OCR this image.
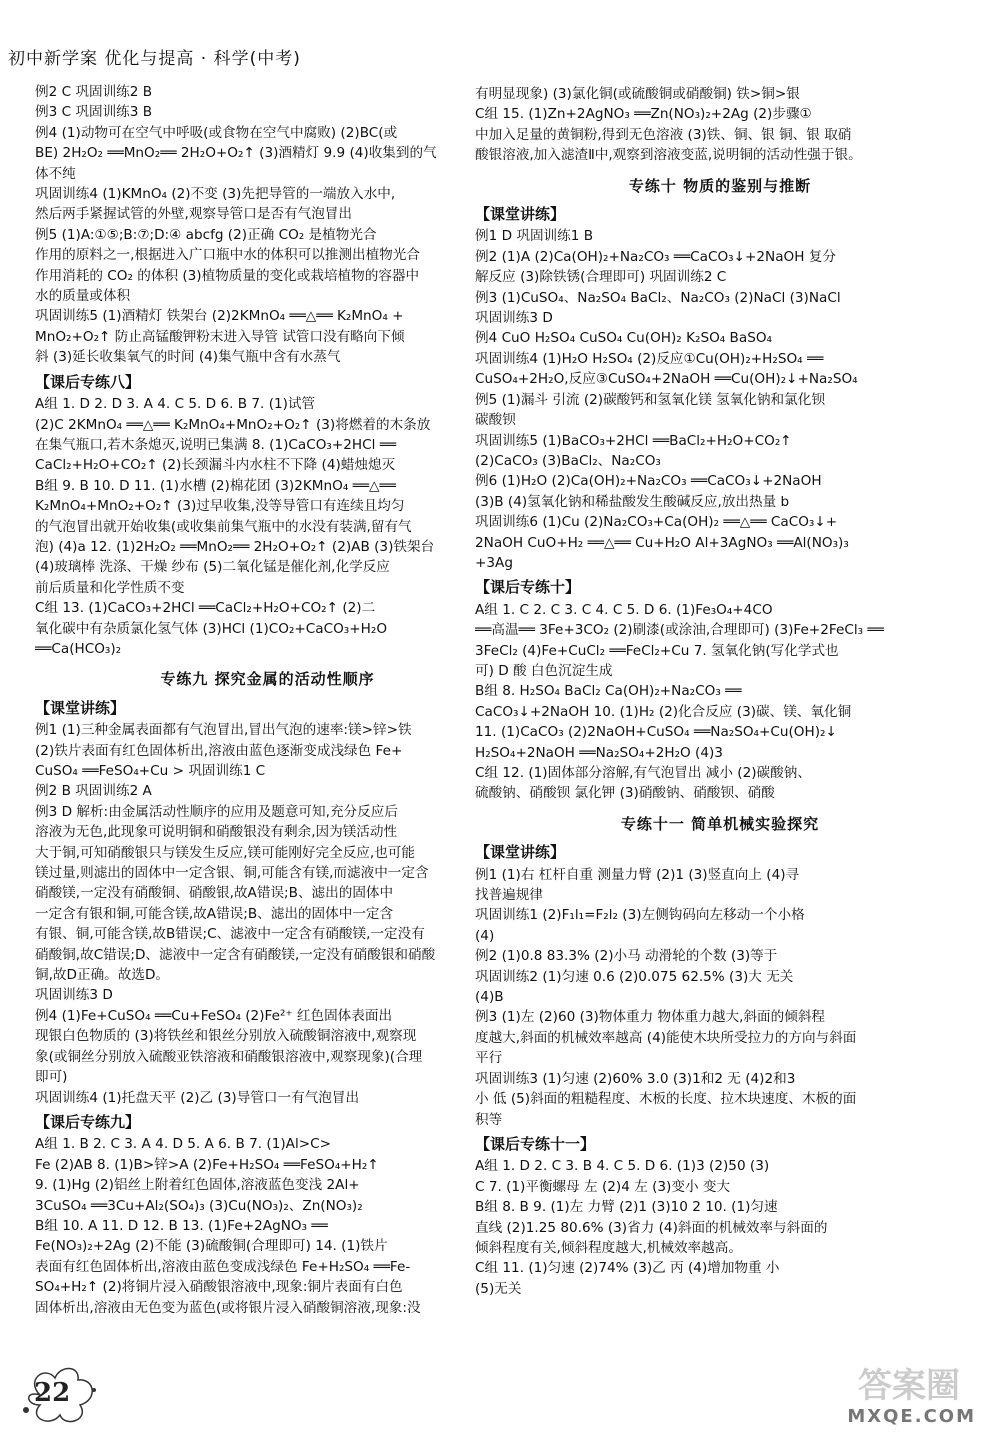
初中新学案 优化与提高 · 科学(中考)
例2 C 巩固训练2 B
例3 C 巩固训练3 B
例4 (1)动物可在空气中呼吸(或食物在空气中腐败) (2)BC(或
BE) 2H₂O₂ ══MnO₂══ 2H₂O+O₂↑ (3)酒精灯 9.9 (4)收集到的气
体不纯
巩固训练4 (1)KMnO₄ (2)不变 (3)先把导管的一端放入水中,
然后两手紧握试管的外壁,观察导管口是否有气泡冒出
例5 (1)A:①⑤;B:⑦;D:④ abcfg (2)正确 CO₂ 是植物光合
作用的原料之一,根据进入广口瓶中水的体积可以推测出植物光合
作用消耗的 CO₂ 的体积 (3)植物质量的变化或栽培植物的容器中
水的质量或体积
巩固训练5 (1)酒精灯 铁架台 (2)2KMnO₄ ══△══ K₂MnO₄ +
MnO₂+O₂↑ 防止高锰酸钾粉末进入导管 试管口没有略向下倾
斜 (3)延长收集氧气的时间 (4)集气瓶中含有水蒸气
【课后专练八】
A组 1. D 2. D 3. A 4. C 5. D 6. B 7. (1)试管
(2)C 2KMnO₄ ══△══ K₂MnO₄+MnO₂+O₂↑ (3)将燃着的木条放
在集气瓶口,若木条熄灭,说明已集满 8. (1)CaCO₃+2HCl ══
CaCl₂+H₂O+CO₂↑ (2)长颈漏斗内水柱不下降 (4)蜡烛熄灭
B组 9. B 10. D 11. (1)水槽 (2)棉花团 (3)2KMnO₄ ══△══
K₂MnO₄+MnO₂+O₂↑ (3)过早收集,没等导管口有连续且均匀
的气泡冒出就开始收集(或收集前集气瓶中的水没有装满,留有气
泡) (4)a 12. (1)2H₂O₂ ══MnO₂══ 2H₂O+O₂↑ (2)AB (3)铁架台
(4)玻璃棒 洗涤、干燥 纱布 (5)二氧化锰是催化剂,化学反应
前后质量和化学性质不变
C组 13. (1)CaCO₃+2HCl ══CaCl₂+H₂O+CO₂↑ (2)二
氧化碳中有杂质氯化氢气体 (3)HCl (1)CO₂+CaCO₃+H₂O
══Ca(HCO₃)₂
专练九 探究金属的活动性顺序
【课堂讲练】
例1 (1)三种金属表面都有气泡冒出,冒出气泡的速率:镁>锌>铁
(2)铁片表面有红色固体析出,溶液由蓝色逐渐变成浅绿色 Fe+
CuSO₄ ══FeSO₄+Cu > 巩固训练1 C
例2 B 巩固训练2 A
例3 D 解析:由金属活动性顺序的应用及题意可知,充分反应后
溶液为无色,此现象可说明铜和硝酸银没有剩余,因为镁活动性
大于铜,可知硝酸银只与镁发生反应,镁可能刚好完全反应,也可能
镁过量,则滤出的固体中一定含银、铜,可能含有镁,而滤液中一定含
硝酸镁,一定没有硝酸铜、硝酸银,故A错误;B、滤出的固体中
一定含有银和铜,可能含镁,故A错误;B、滤出的固体中一定含
有银、铜,可能含镁,故B错误;C、滤液中一定含有硝酸镁,一定没有
硝酸铜,故C错误;D、滤液中一定含有硝酸镁,一定没有硝酸银和硝酸
铜,故D正确。故选D。
巩固训练3 D
例4 (1)Fe+CuSO₄ ══Cu+FeSO₄ (2)Fe²⁺ 红色固体表面出
现银白色物质的 (3)将铁丝和银丝分别放入硫酸铜溶液中,观察现
象(或铜丝分别放入硫酸亚铁溶液和硝酸银溶液中,观察现象)(合理
即可)
巩固训练4 (1)托盘天平 (2)乙 (3)导管口一有气泡冒出
【课后专练九】
A组 1. B 2. C 3. A 4. D 5. A 6. B 7. (1)Al>C>
Fe (2)AB 8. (1)B>锌>A (2)Fe+H₂SO₄ ══FeSO₄+H₂↑
9. (1)Hg (2)铝丝上附着红色固体,溶液蓝色变浅 2Al+
3CuSO₄ ══3Cu+Al₂(SO₄)₃ (3)Cu(NO₃)₂、Zn(NO₃)₂
B组 10. A 11. D 12. B 13. (1)Fe+2AgNO₃ ══
Fe(NO₃)₂+2Ag (2)不能 (3)硫酸铜(合理即可) 14. (1)铁片
表面有红色固体析出,溶液由蓝色变成浅绿色 Fe+H₂SO₄ ══Fe-
SO₄+H₂↑ (2)将铜片浸入硝酸银溶液中,现象:铜片表面有白色
固体析出,溶液由无色变为蓝色(或将银片浸入硝酸铜溶液,现象:没
有明显现象) (3)氯化铜(或硫酸铜或硝酸铜) 铁>铜>银
C组 15. (1)Zn+2AgNO₃ ══Zn(NO₃)₂+2Ag (2)步骤①
中加入足量的黄铜粉,得到无色溶液 (3)铁、铜、银 铜、银 取硝
酸银溶液,加入滤渣Ⅱ中,观察到溶液变蓝,说明铜的活动性强于银。
专练十 物质的鉴别与推断
【课堂讲练】
例1 D 巩固训练1 B
例2 (1)A (2)Ca(OH)₂+Na₂CO₃ ══CaCO₃↓+2NaOH 复分
解反应 (3)除铁锈(合理即可) 巩固训练2 C
例3 (1)CuSO₄、Na₂SO₄ BaCl₂、Na₂CO₃ (2)NaCl (3)NaCl
巩固训练3 D
例4 CuO H₂SO₄ CuSO₄ Cu(OH)₂ K₂SO₄ BaSO₄
巩固训练4 (1)H₂O H₂SO₄ (2)反应①Cu(OH)₂+H₂SO₄ ══
CuSO₄+2H₂O,反应③CuSO₄+2NaOH ══Cu(OH)₂↓+Na₂SO₄
例5 (1)漏斗 引流 (2)碳酸钙和氢氧化镁 氢氧化钠和氯化钡
碳酸钡
巩固训练5 (1)BaCO₃+2HCl ══BaCl₂+H₂O+CO₂↑
(2)CaCO₃ (3)BaCl₂、Na₂CO₃
例6 (1)H₂O (2)Ca(OH)₂+Na₂CO₃ ══CaCO₃↓+2NaOH
(3)B (4)氢氧化钠和稀盐酸发生酸碱反应,放出热量 b
巩固训练6 (1)Cu (2)Na₂CO₃+Ca(OH)₂ ══△══ CaCO₃↓+
2NaOH CuO+H₂ ══△══ Cu+H₂O Al+3AgNO₃ ══Al(NO₃)₃
+3Ag
【课后专练十】
A组 1. C 2. C 3. C 4. C 5. D 6. (1)Fe₃O₄+4CO
══高温══ 3Fe+3CO₂ (2)刷漆(或涂油,合理即可) (3)Fe+2FeCl₃ ══
3FeCl₂ (4)Fe+CuCl₂ ══FeCl₂+Cu 7. 氢氧化钠(写化学式也
可) D 酸 白色沉淀生成
B组 8. H₂SO₄ BaCl₂ Ca(OH)₂+Na₂CO₃ ══
CaCO₃↓+2NaOH 10. (1)H₂ (2)化合反应 (3)碳、镁、氧化铜
11. (1)CaCO₃ (2)2NaOH+CuSO₄ ══Na₂SO₄+Cu(OH)₂↓
H₂SO₄+2NaOH ══Na₂SO₄+2H₂O (4)3
C组 12. (1)固体部分溶解,有气泡冒出 减小 (2)碳酸钠、
硫酸钠、硝酸钡 氯化钾 (3)硝酸钠、硝酸钡、硝酸
专练十一 简单机械实验探究
【课堂讲练】
例1 (1)右 杠杆自重 测量力臂 (2)1 (3)竖直向上 (4)寻
找普遍规律
巩固训练1 (2)F₁l₁=F₂l₂ (3)左侧钩码向左移动一个小格
(4)
例2 (1)0.8 83.3% (2)小马 动滑轮的个数 (3)等于
巩固训练2 (1)匀速 0.6 (2)0.075 62.5% (3)大 无关
(4)B
例3 (1)左 (2)60 (3)物体重力 物体重力越大,斜面的倾斜程
度越大,斜面的机械效率越高 (4)能使木块所受拉力的方向与斜面
平行
巩固训练3 (1)匀速 (2)60% 3.0 (3)1和2 无 (4)2和3
小 低 (5)斜面的粗糙程度、木板的长度、拉木块速度、木板的面
积等
【课后专练十一】
A组 1. D 2. C 3. B 4. C 5. D 6. (1)3 (2)50 (3)
C 7. (1)平衡螺母 左 (2)4 左 (3)变小 变大
B组 8. B 9. (1)左 力臂 (2)1 (3)10 2 10. (1)匀速
直线 (2)1.25 80.6% (3)省力 (4)斜面的机械效率与斜面的
倾斜程度有关,倾斜程度越大,机械效率越高。
C组 11. (1)匀速 (2)74% (3)乙 丙 (4)增加物重 小
(5)无关
22	答案圈
MXQE.COM
